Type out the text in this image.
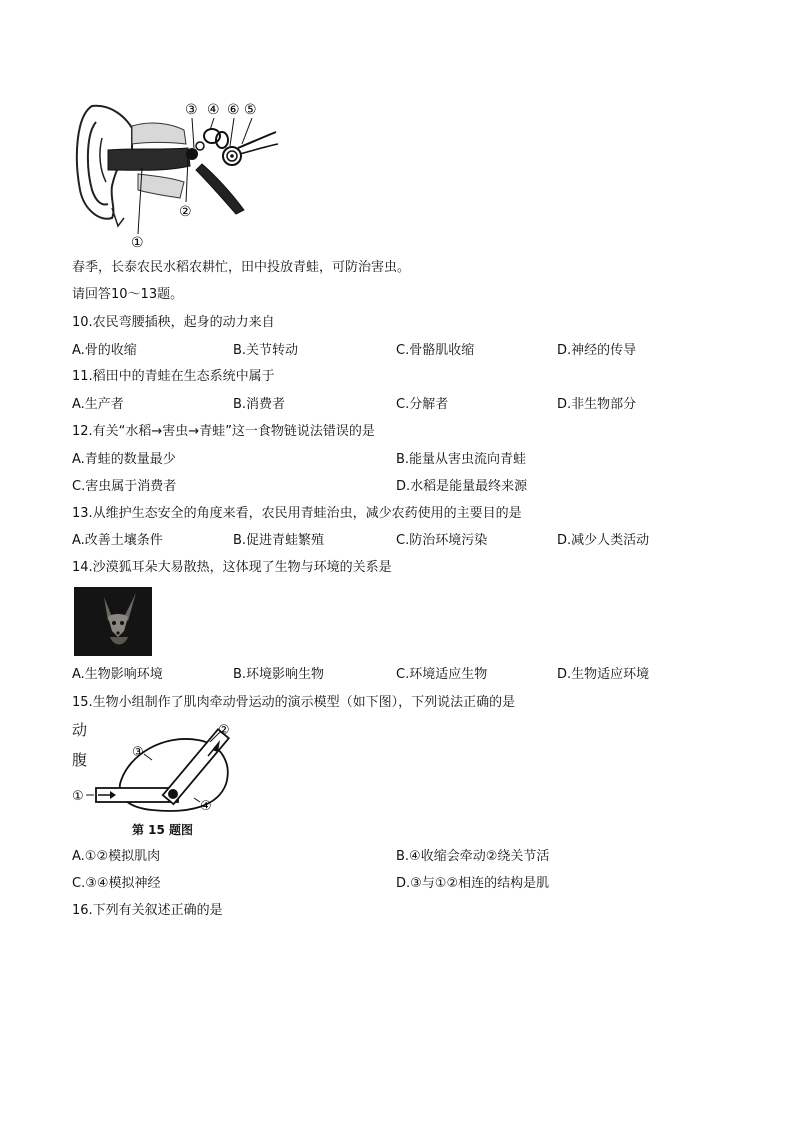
③ ④ ⑥ ⑤
②
①
春季，长泰农民水稻农耕忙，田中投放青蛙，可防治害虫。
请回答10～13题。
10.农民弯腰插秧，起身的动力来自
A.骨的收缩	B.关节转动	C.骨骼肌收缩	D.神经的传导
11.稻田中的青蛙在生态系统中属于
A.生产者	B.消费者	C.分解者	D.非生物部分
12.有关“水稻→害虫→青蛙”这一食物链说法错误的是
A.青蛙的数量最少	B.能量从害虫流向青蛙
C.害虫属于消费者	D.水稻是能量最终来源
13.从维护生态安全的角度来看，农民用青蛙治虫，减少农药使用的主要目的是
A.改善土壤条件	B.促进青蛙繁殖	C.防治环境污染	D.减少人类活动
14.沙漠狐耳朵大易散热，这体现了生物与环境的关系是
A.生物影响环境	B.环境影响生物	C.环境适应生物	D.生物适应环境
15.生物小组制作了肌肉牵动骨运动的演示模型（如下图），下列说法正确的是
动
腹
②
③
①
④
第 15 题图
A.①②模拟肌肉	B.④收缩会牵动②绕关节活
C.③④模拟神经	D.③与①②相连的结构是肌
16.下列有关叙述正确的是
